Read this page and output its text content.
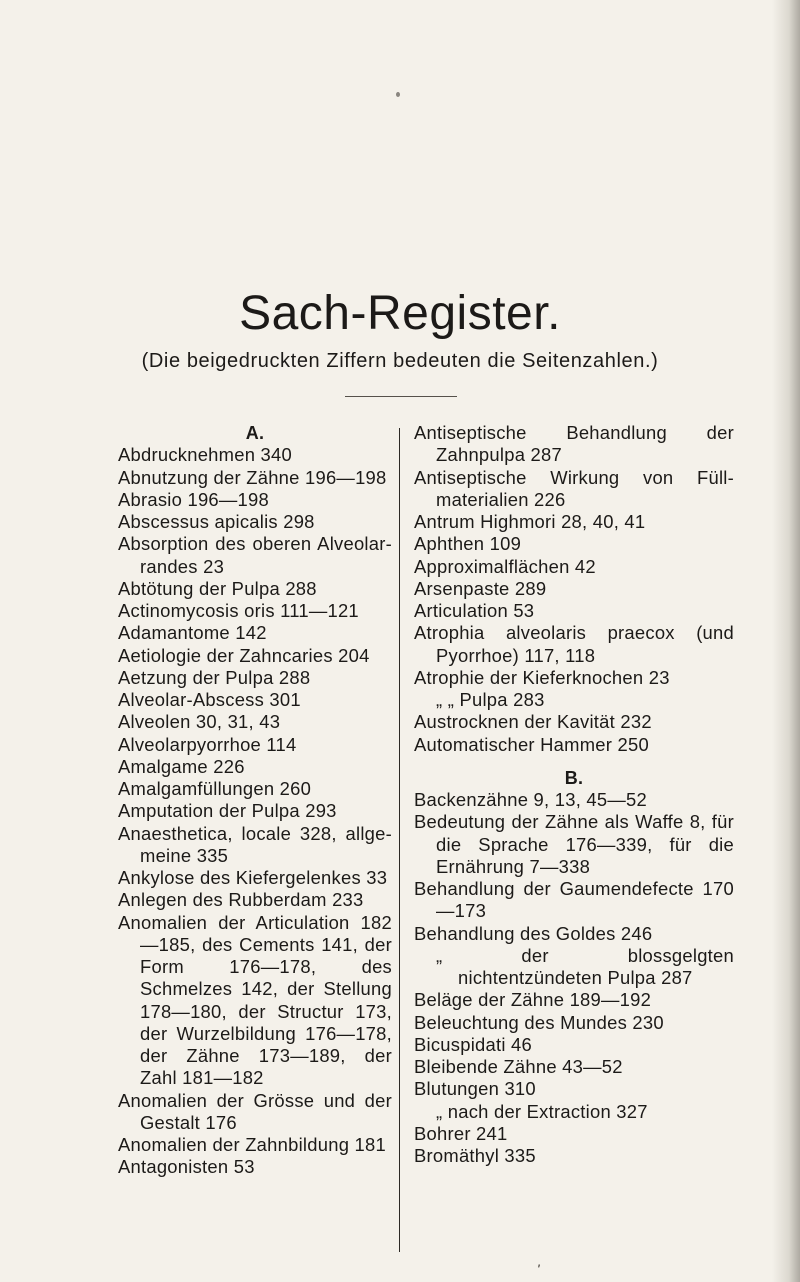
Sach-Register.
(Die beigedruckten Ziffern bedeuten die Seitenzahlen.)
A.

Abdrucknehmen 340

Abnutzung der Zähne 196—198

Abrasio 196—198

Abscessus apicalis 298

Absorption des oberen Alveolar-randes 23

Abtötung der Pulpa 288

Actinomycosis oris 111—121

Adamantome 142

Aetiologie der Zahncaries 204

Aetzung der Pulpa 288

Alveolar-Abscess 301

Alveolen 30, 31, 43

Alveolarpyorrhoe 114

Amalgame 226

Amalgamfüllungen 260

Amputation der Pulpa 293

Anaesthetica, locale 328, allge-meine 335

Ankylose des Kiefergelenkes 33

Anlegen des Rubberdam 233

Anomalien der Articulation 182—185, des Cements 141, der Form 176—178, des Schmelzes 142, der Stellung 178—180, der Structur 173, der Wurzelbildung 176—178, der Zähne 173—189, der Zahl 181—182

Anomalien der Grösse und der Gestalt 176

Anomalien der Zahnbildung 181

Antagonisten 53

Antiseptische Behandlung der Zahnpulpa 287

Antiseptische Wirkung von Füll-materialien 226

Antrum Highmori 28, 40, 41

Aphthen 109

Approximalflächen 42

Arsenpaste 289

Articulation 53

Atrophia alveolaris praecox (und Pyorrhoe) 117, 118

Atrophie der Kieferknochen 23

„ „ Pulpa 283

Austrocknen der Kavität 232

Automatischer Hammer 250

B.

Backenzähne 9, 13, 45—52

Bedeutung der Zähne als Waffe 8, für die Sprache 176—339, für die Ernährung 7—338

Behandlung der Gaumendefecte 170—173

Behandlung des Goldes 246

„ der blossgelgten nichtentzündeten Pulpa 287

Beläge der Zähne 189—192

Beleuchtung des Mundes 230

Bicuspidati 46

Bleibende Zähne 43—52

Blutungen 310

„ nach der Extraction 327

Bohrer 241

Bromäthyl 335

'
